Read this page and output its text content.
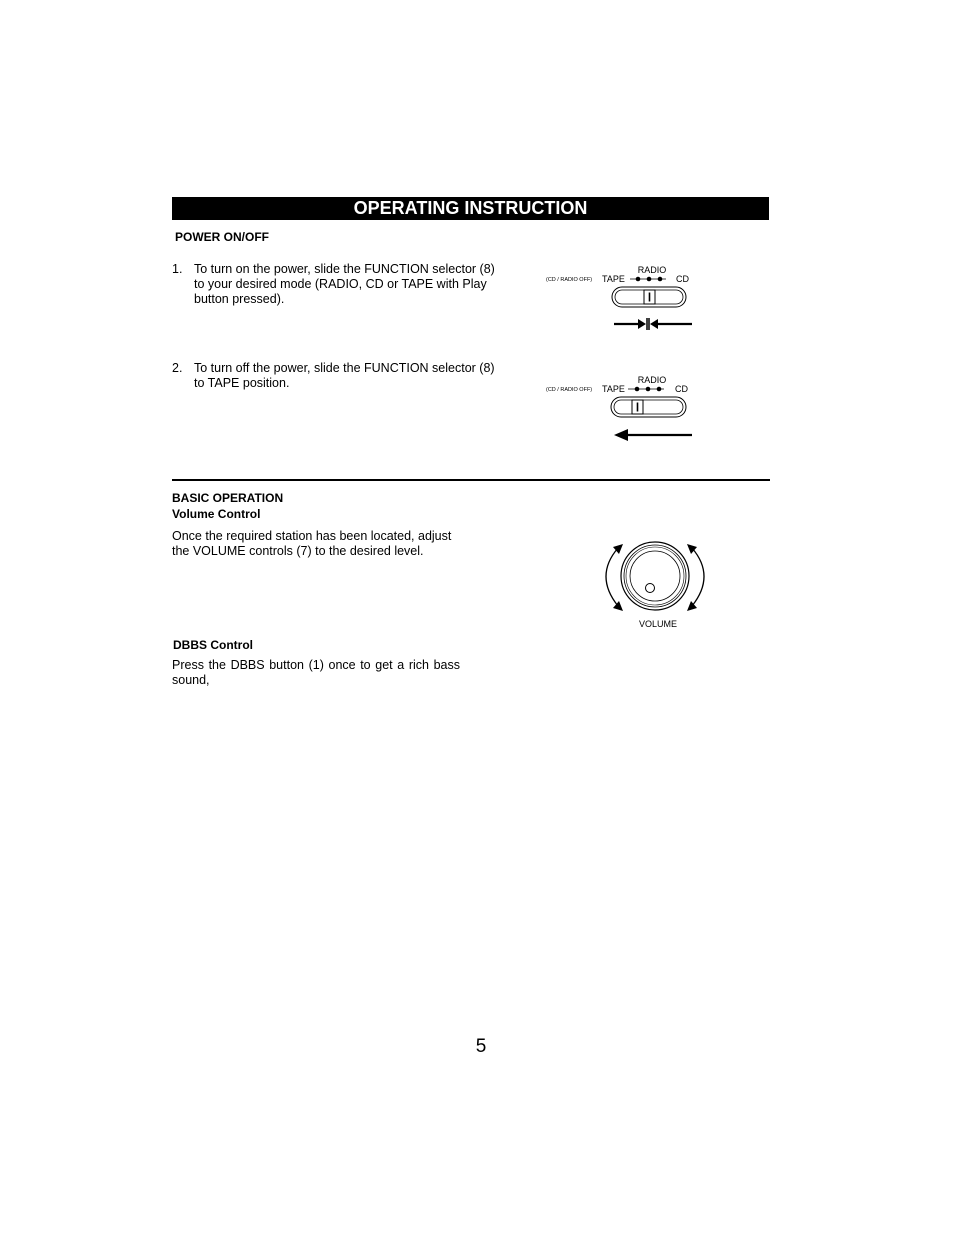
OPERATING INSTRUCTION
POWER ON/OFF
1. To turn on the power, slide the FUNCTION selector (8) to your desired mode (RADIO, CD or TAPE with Play button pressed).
2. To turn off the power, slide the FUNCTION selector (8) to TAPE position.
RADIO
(CD / RADIO OFF) TAPE	CD
RADIO
(CD / RADIO OFF) TAPE	CD
BASIC OPERATION
Volume Control
Once the required station has been located, adjust the VOLUME controls (7) to the desired level.
VOLUME
DBBS Control
Press the DBBS button (1) once to get a rich bass sound,
5
